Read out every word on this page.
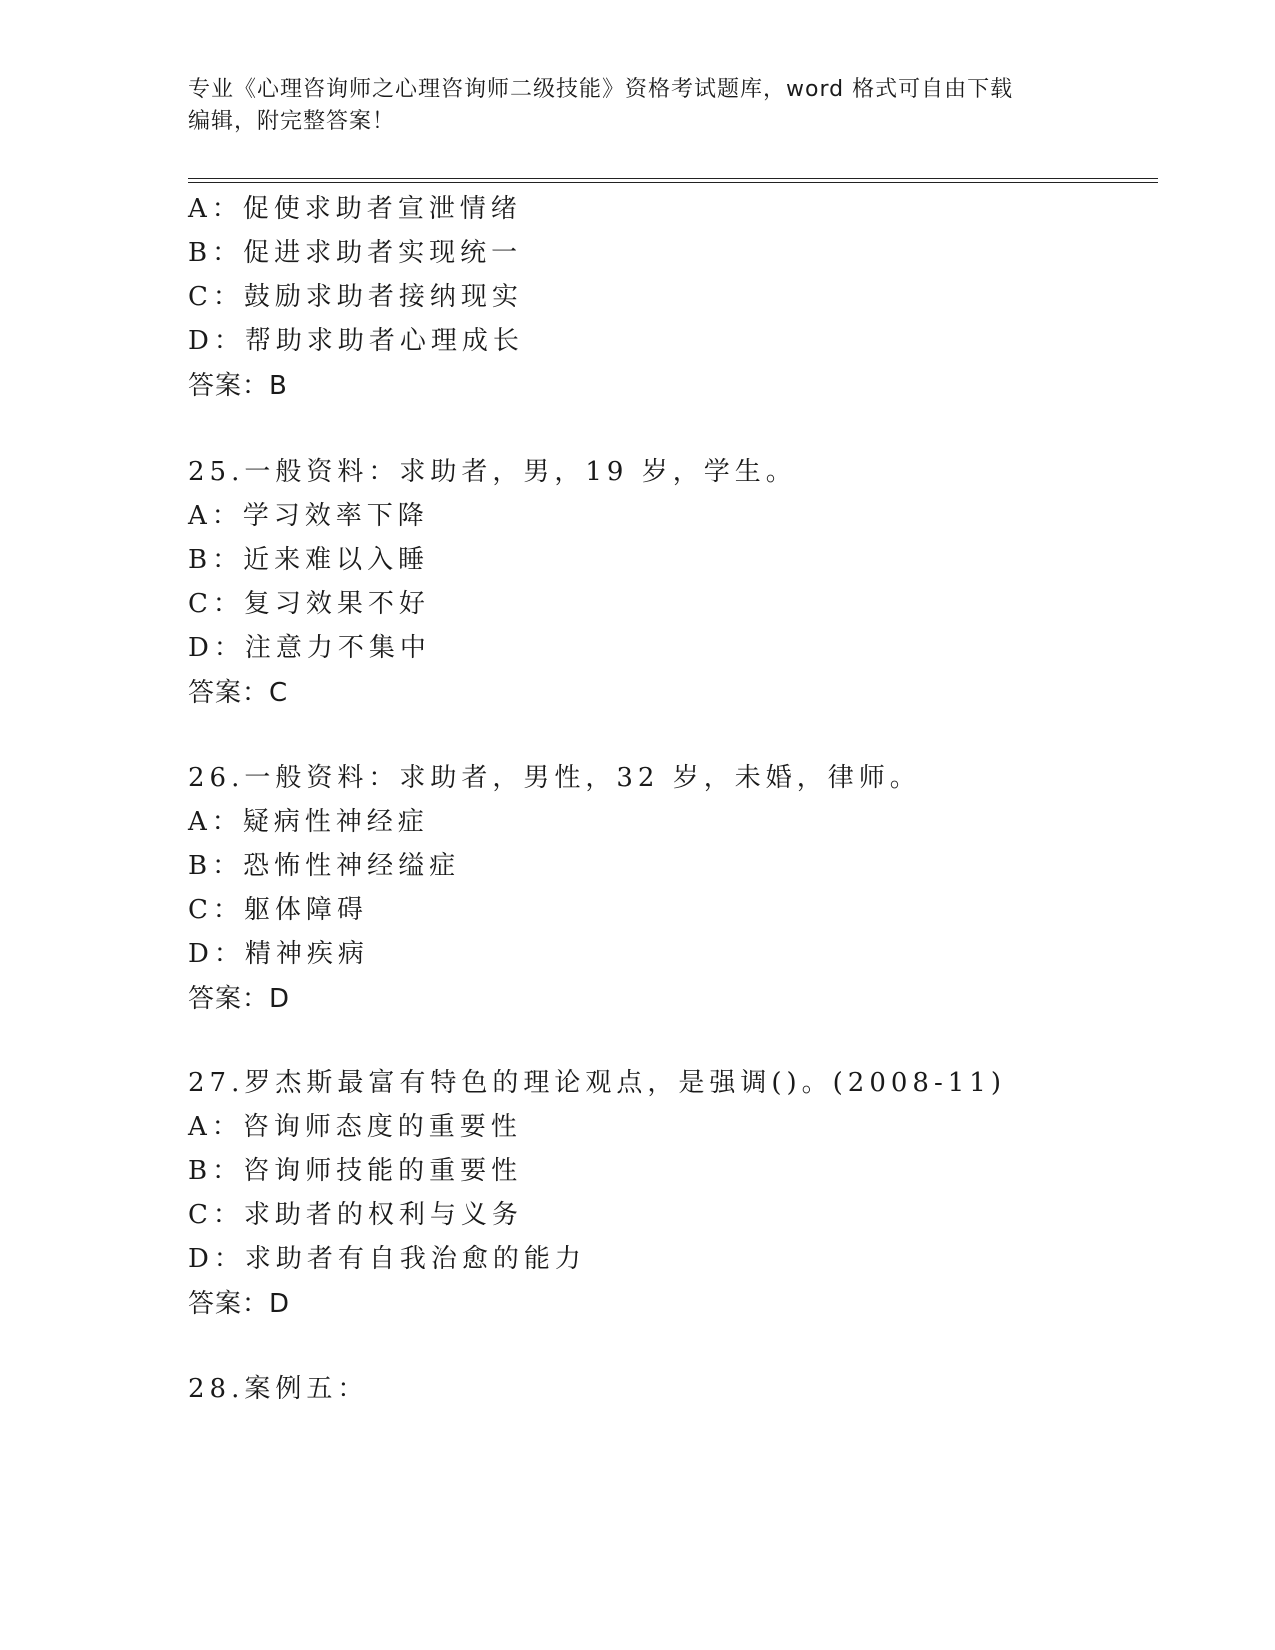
专业《心理咨询师之心理咨询师二级技能》资格考试题库，word 格式可自由下载
编辑，附完整答案！
A：促使求助者宣泄情绪
B：促进求助者实现统一
C：鼓励求助者接纳现实
D：帮助求助者心理成长
答案：B
25.一般资料：求助者，男，19 岁，学生。
A：学习效率下降
B：近来难以入睡
C：复习效果不好
D：注意力不集中
答案：C
26.一般资料：求助者，男性，32 岁，未婚，律师。
A：疑病性神经症
B：恐怖性神经缢症
C：躯体障碍
D：精神疾病
答案：D
27.罗杰斯最富有特色的理论观点，是强调()。(2008-11)
A：咨询师态度的重要性
B：咨询师技能的重要性
C：求助者的权利与义务
D：求助者有自我治愈的能力
答案：D
28.案例五：
